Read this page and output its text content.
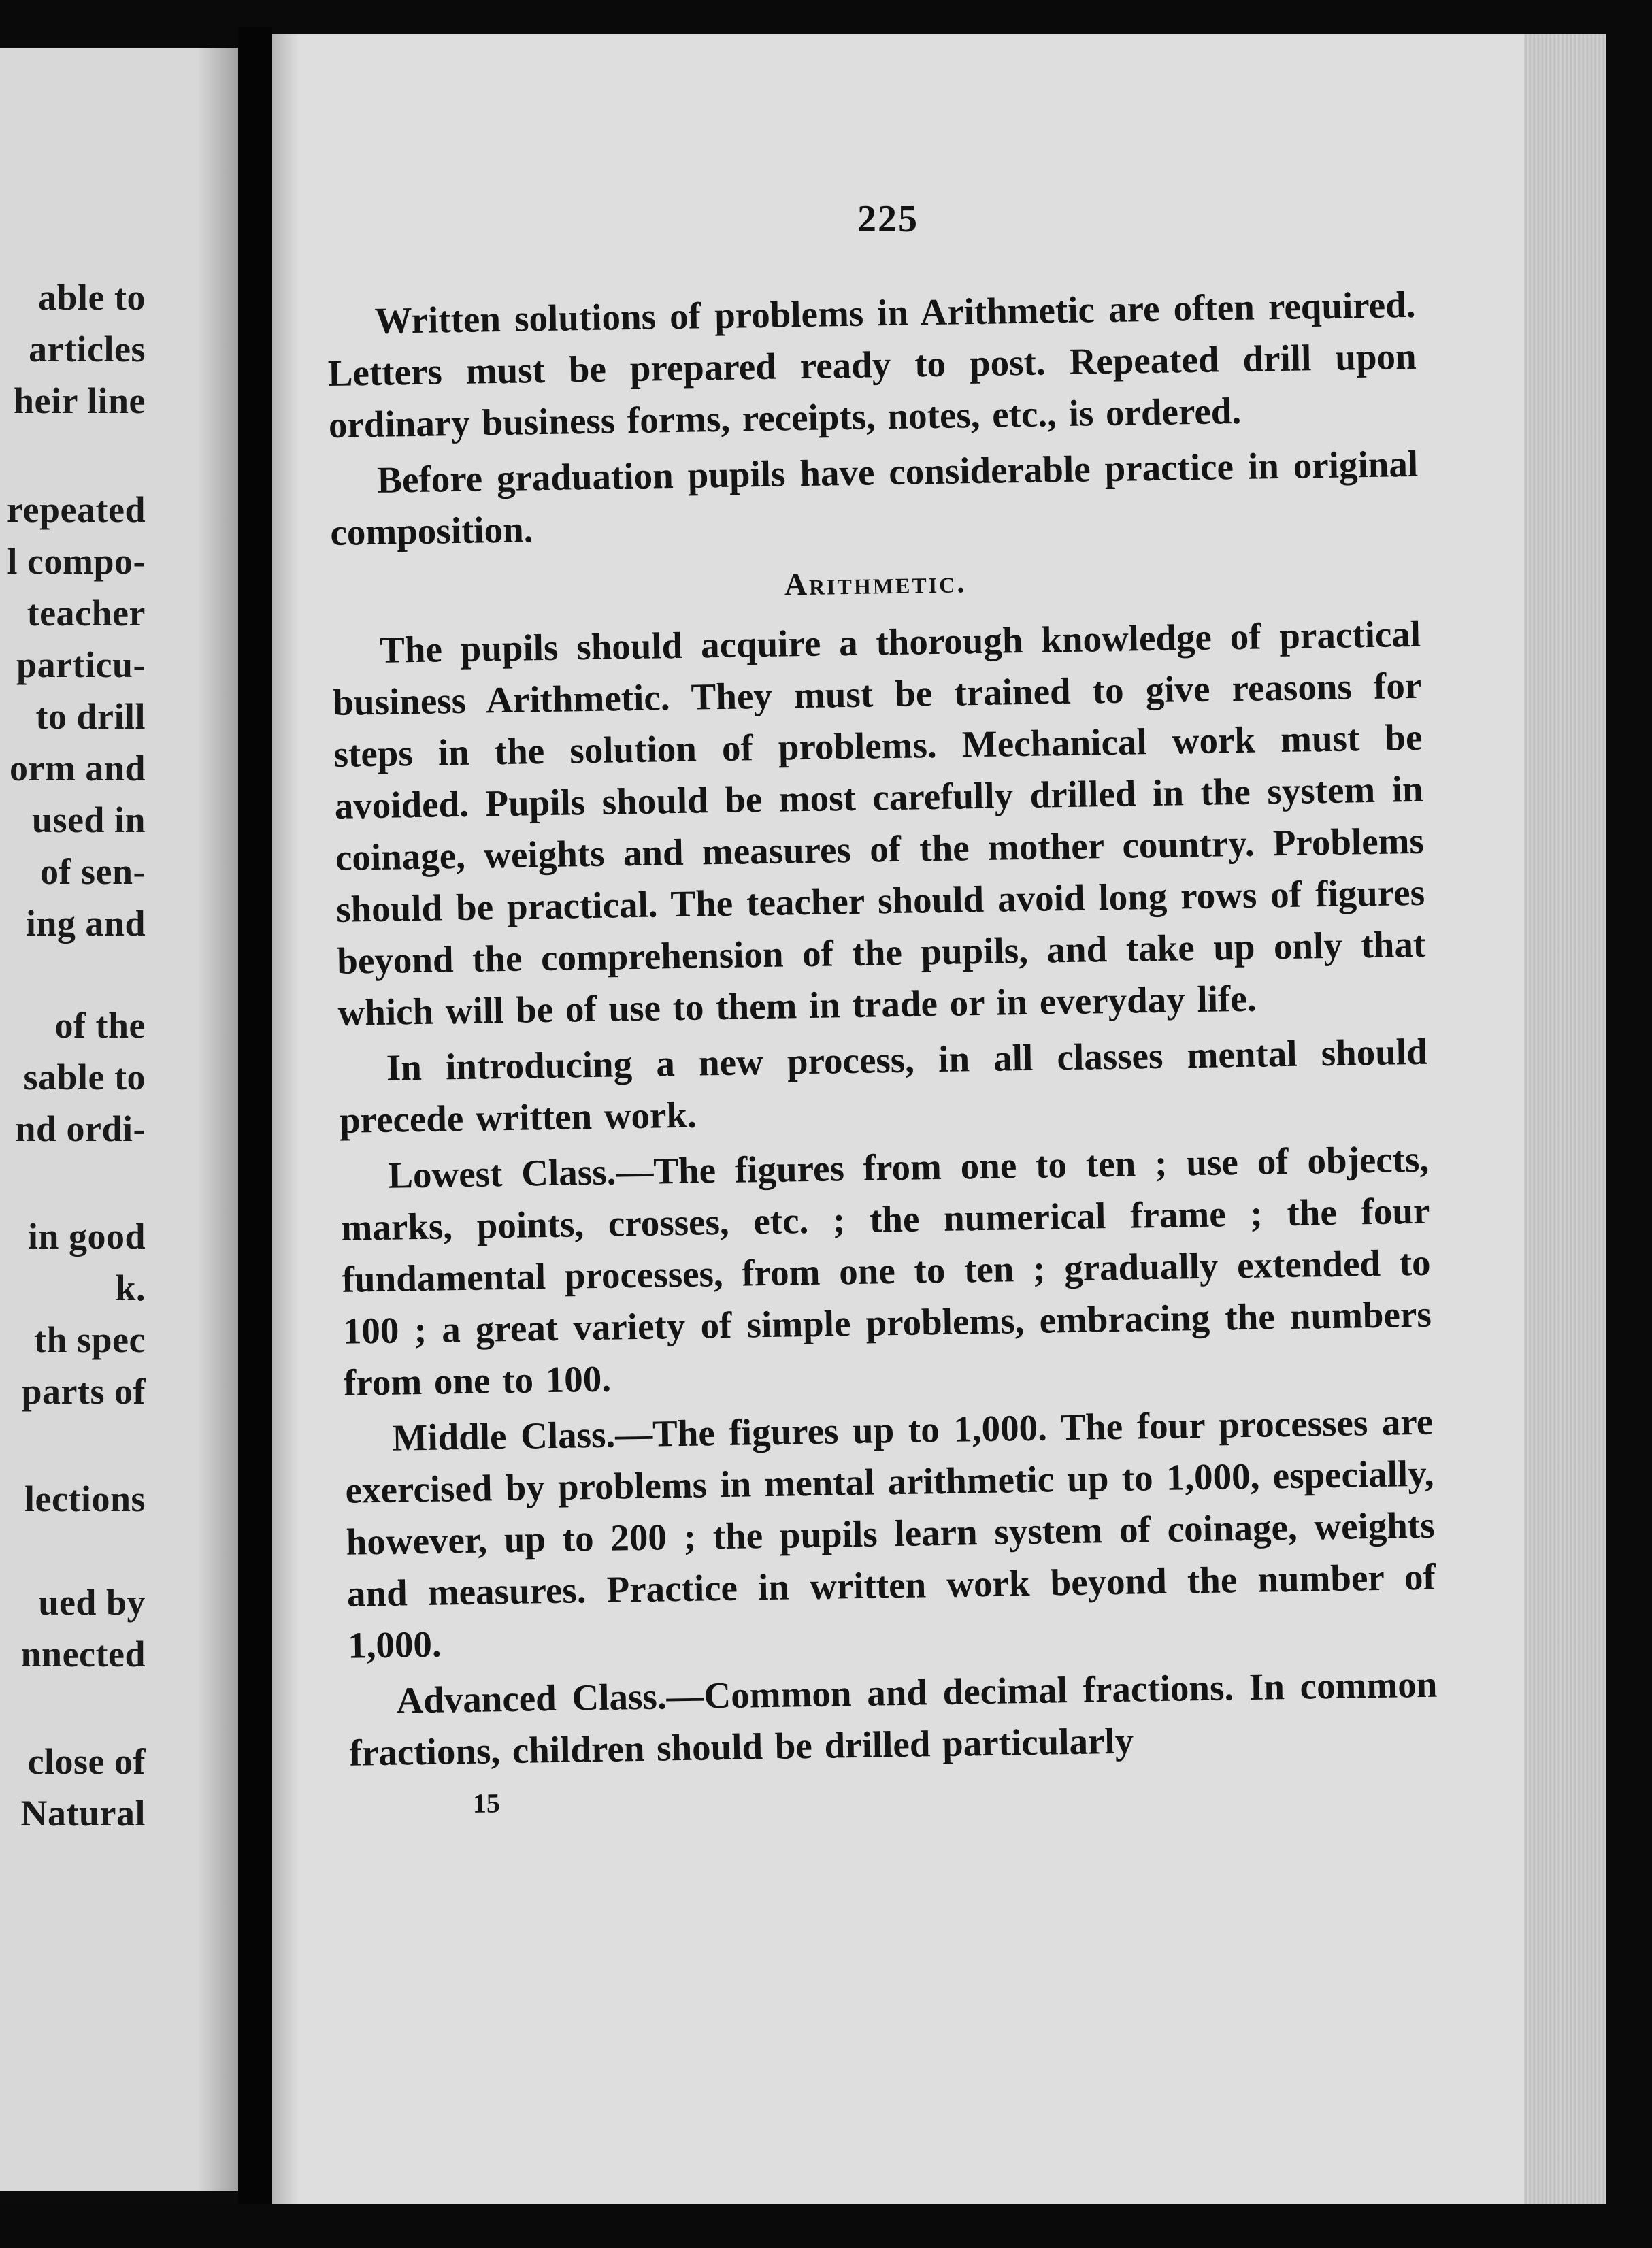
able to
articles
heir line
repeated
l compo-
teacher
particu-
to drill
orm and
used in
of sen-
ing and
of the
sable to
nd ordi-
in good
k.
th spec
parts of
lections
ued by
nnected
close of
Natural
225

Written solutions of problems in Arithmetic are often required. Letters must be prepared ready to post. Repeated drill upon ordinary business forms, receipts, notes, etc., is ordered.

Before graduation pupils have considerable practice in original composition.

Arithmetic.

The pupils should acquire a thorough knowledge of practical business Arithmetic. They must be trained to give reasons for steps in the solution of problems. Mechanical work must be avoided. Pupils should be most carefully drilled in the system in coinage, weights and measures of the mother country. Problems should be practical. The teacher should avoid long rows of figures beyond the comprehension of the pupils, and take up only that which will be of use to them in trade or in everyday life.

In introducing a new process, in all classes mental should precede written work.

Lowest Class.—The figures from one to ten ; use of objects, marks, points, crosses, etc. ; the numerical frame ; the four fundamental processes, from one to ten ; gradually extended to 100 ; a great variety of simple problems, embracing the numbers from one to 100.

Middle Class.—The figures up to 1,000. The four processes are exercised by problems in mental arithmetic up to 1,000, especially, however, up to 200 ; the pupils learn system of coinage, weights and measures. Practice in written work beyond the number of 1,000.

Advanced Class.—Common and decimal fractions. In common fractions, children should be drilled particularly

15
